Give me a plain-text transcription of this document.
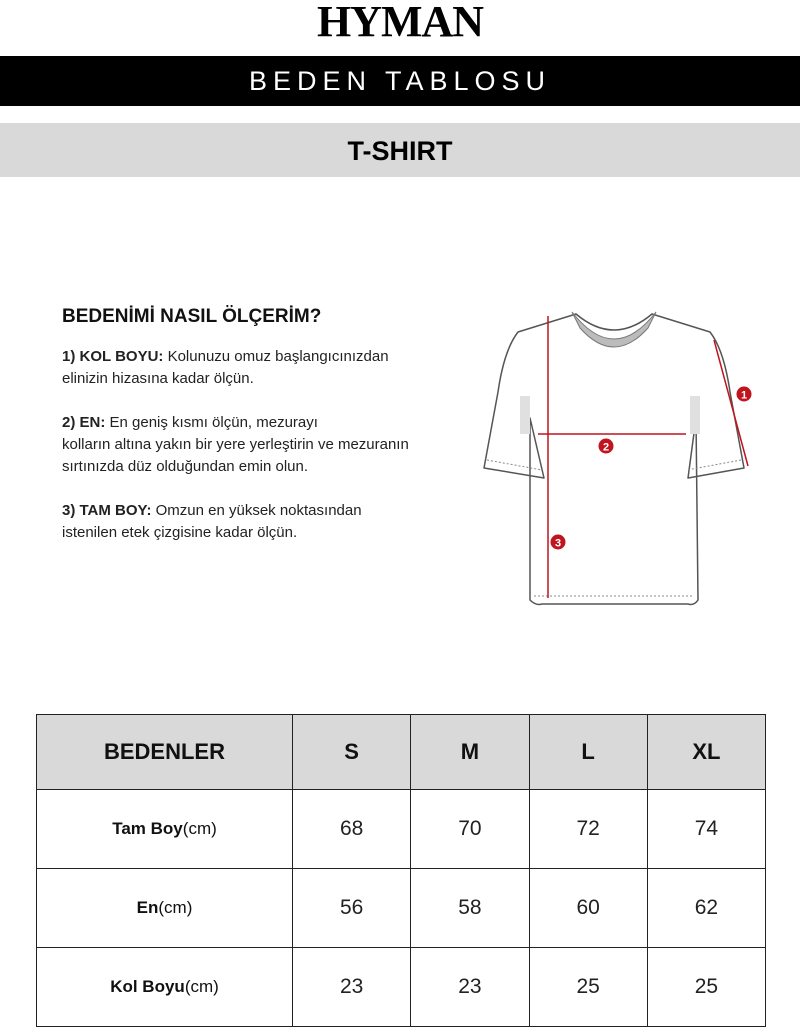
HYMAN
BEDEN TABLOSU
T-SHIRT
BEDENİMİ NASIL ÖLÇERİM?
1) KOL BOYU: Kolunuzu omuz başlangıcınızdan
elinizin hizasına kadar ölçün.
2) EN: En geniş kısmı ölçün, mezurayı
kolların altına yakın bir yere yerleştirin ve mezuranın
sırtınızda düz olduğundan emin olun.
3) TAM BOY: Omzun en yüksek noktasından
istenilen etek çizgisine kadar ölçün.
1
2
3
BEDENLER	S	M	L	XL
Tam Boy(cm)	68	70	72	74
En(cm)	56	58	60	62
Kol Boyu(cm)	23	23	25	25
